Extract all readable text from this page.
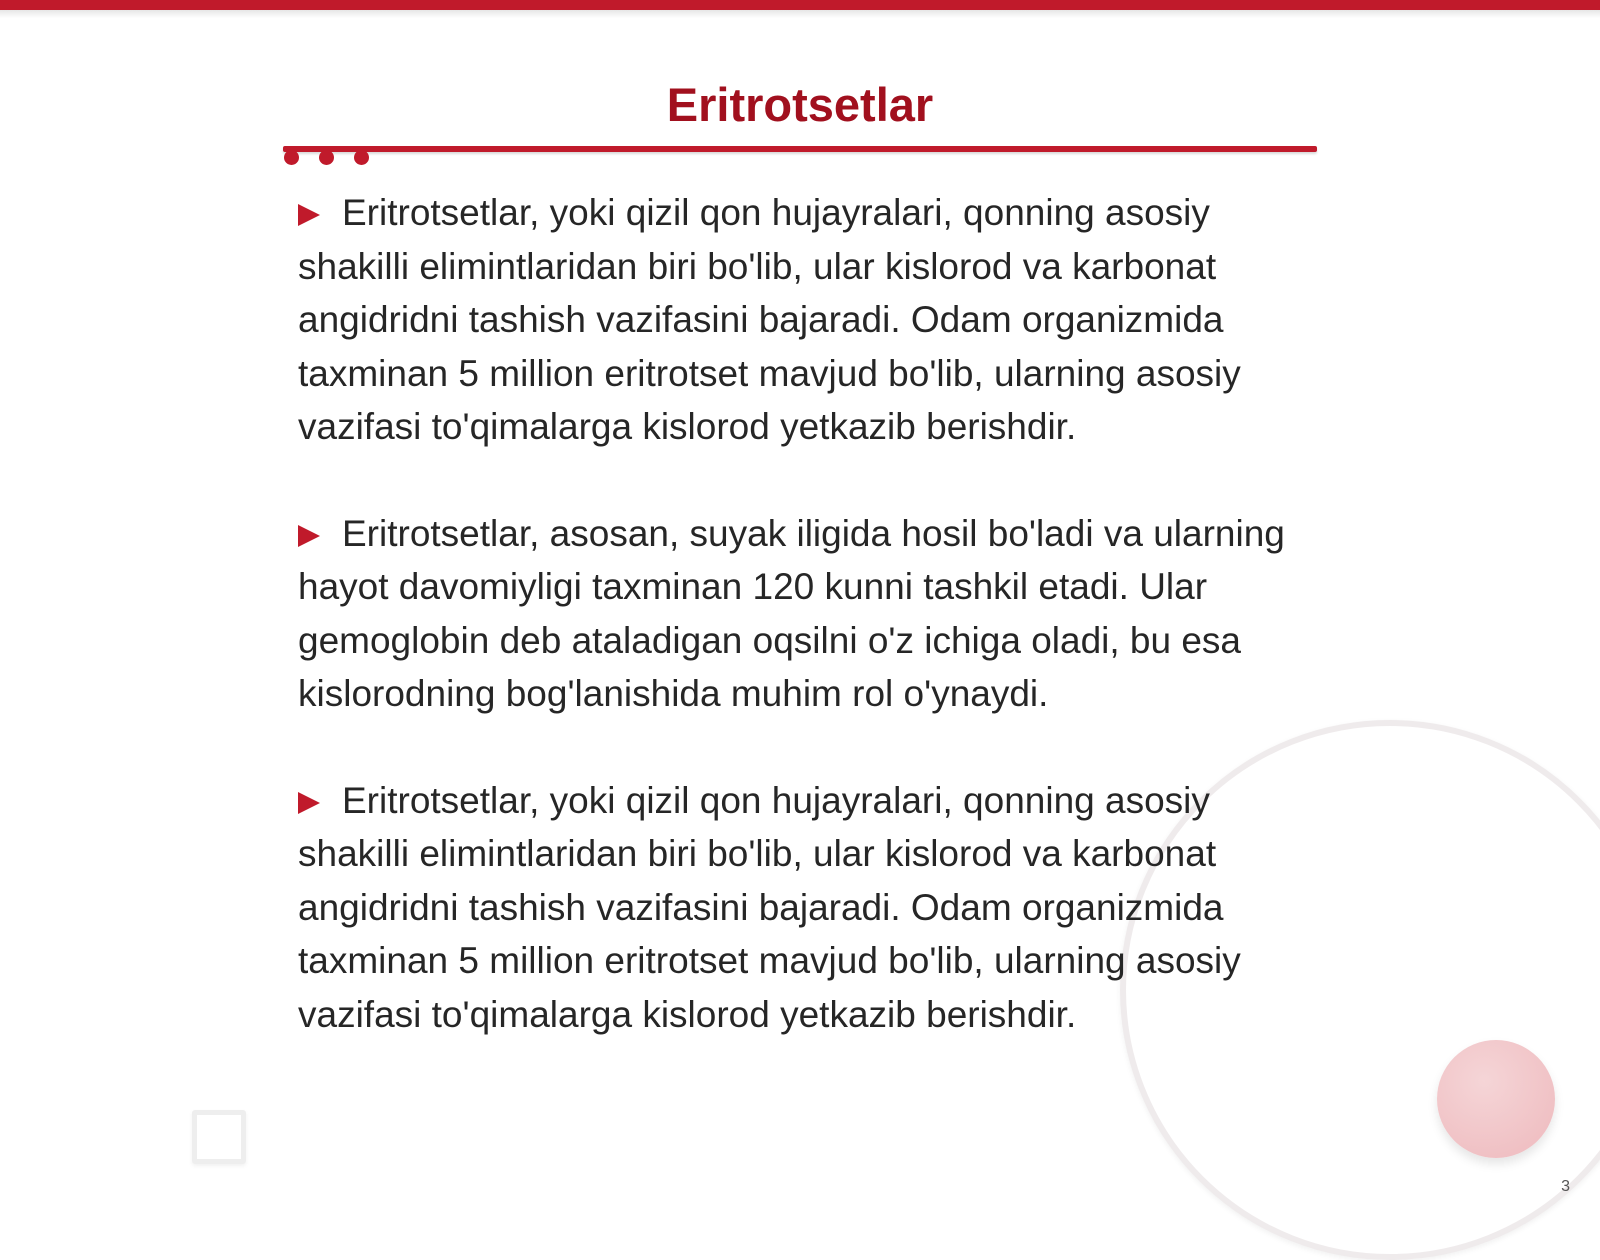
Eritrotsetlar
Eritrotsetlar, yoki qizil qon hujayralari, qonning asosiy shakilli elimintlaridan biri bo'lib, ular kislorod va karbonat angidridni tashish vazifasini bajaradi. Odam organizmida taxminan 5 million eritrotset mavjud bo'lib, ularning asosiy vazifasi to'qimalarga kislorod yetkazib berishdir.
Eritrotsetlar, asosan, suyak iligida hosil bo'ladi va ularning hayot davomiyligi taxminan 120 kunni tashkil etadi. Ular gemoglobin deb ataladigan oqsilni o'z ichiga oladi, bu esa kislorodning bog'lanishida muhim rol o'ynaydi.
Eritrotsetlar, yoki qizil qon hujayralari, qonning asosiy shakilli elimintlaridan biri bo'lib, ular kislorod va karbonat angidridni tashish vazifasini bajaradi. Odam organizmida taxminan 5 million eritrotset mavjud bo'lib, ularning asosiy vazifasi to'qimalarga kislorod yetkazib berishdir.
3
